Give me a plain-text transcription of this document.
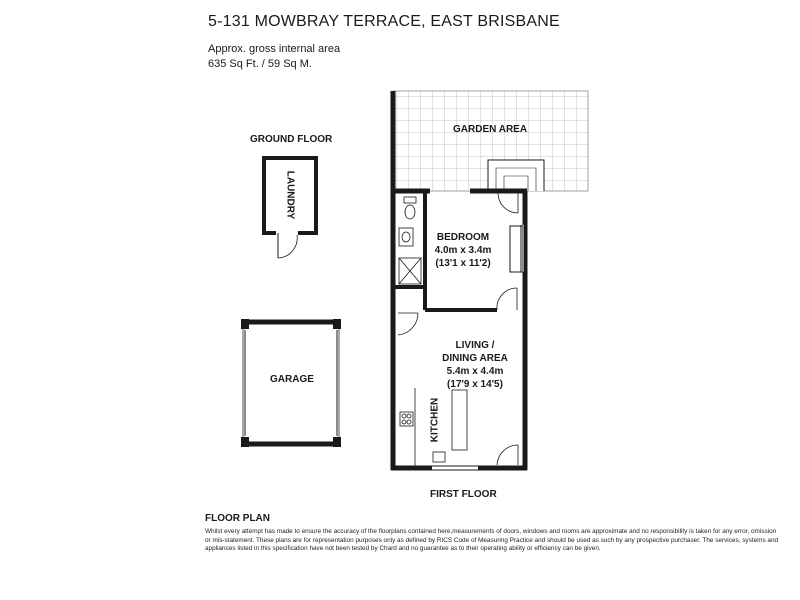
5-131 MOWBRAY TERRACE, EAST BRISBANE
Approx. gross internal area
635 Sq Ft. / 59 Sq M.
GROUND FLOOR
LAUNDRY
GARAGE
GARDEN AREA
BEDROOM
4.0m x 3.4m
(13'1 x 11'2)
LIVING /
DINING AREA
5.4m x 4.4m
(17'9 x 14'5)
KITCHEN
FIRST FLOOR
FLOOR PLAN
Whilst every attempt has made to ensure the accuracy of the floorplans contained here,measurements of doors, windows and rooms are approximate and no responsibility is taken for any error, omission or mis-statement. These plans are for representation purposes only as defined by RICS Code of Measuring Practice and should be used as such by any prospective purchaser. The services, systems and appliances listed in this specification have not been tested by Chard and no guarantee as to their operating ability or efficiency can be given.
